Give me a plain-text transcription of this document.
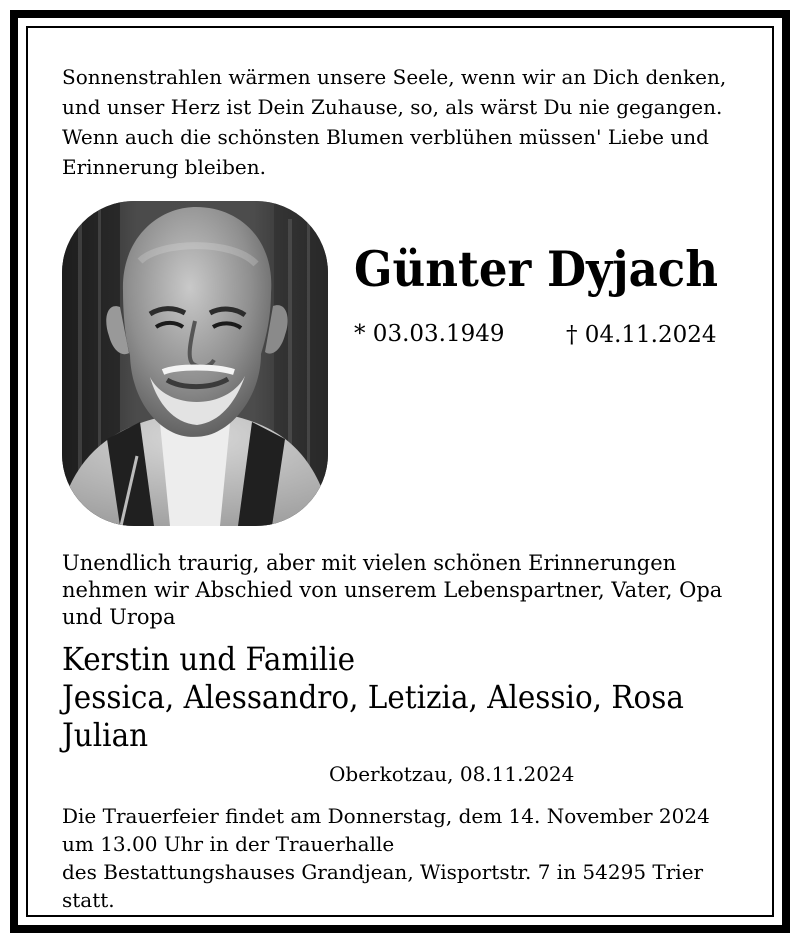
Sonnenstrahlen wärmen unsere Seele, wenn wir an Dich denken, und unser Herz ist Dein Zuhause, so, als wärst Du nie gegangen. Wenn auch die schönsten Blumen verblühen müssen' Liebe und Erinnerung bleiben.

Günter Dyjach
* 03.03.1949	† 04.11.2024

Unendlich traurig, aber mit vielen schönen Erinnerungen nehmen wir Abschied von unserem Lebenspartner, Vater, Opa und Uropa

Kerstin und Familie
Jessica, Alessandro, Letizia, Alessio, Rosa
Julian
Oberkotzau, 08.11.2024
Die Trauerfeier findet am Donnerstag, dem 14. November 2024
um 13.00 Uhr in der Trauerhalle
des Bestattungshauses Grandjean, Wisportstr. 7 in 54295 Trier statt.
